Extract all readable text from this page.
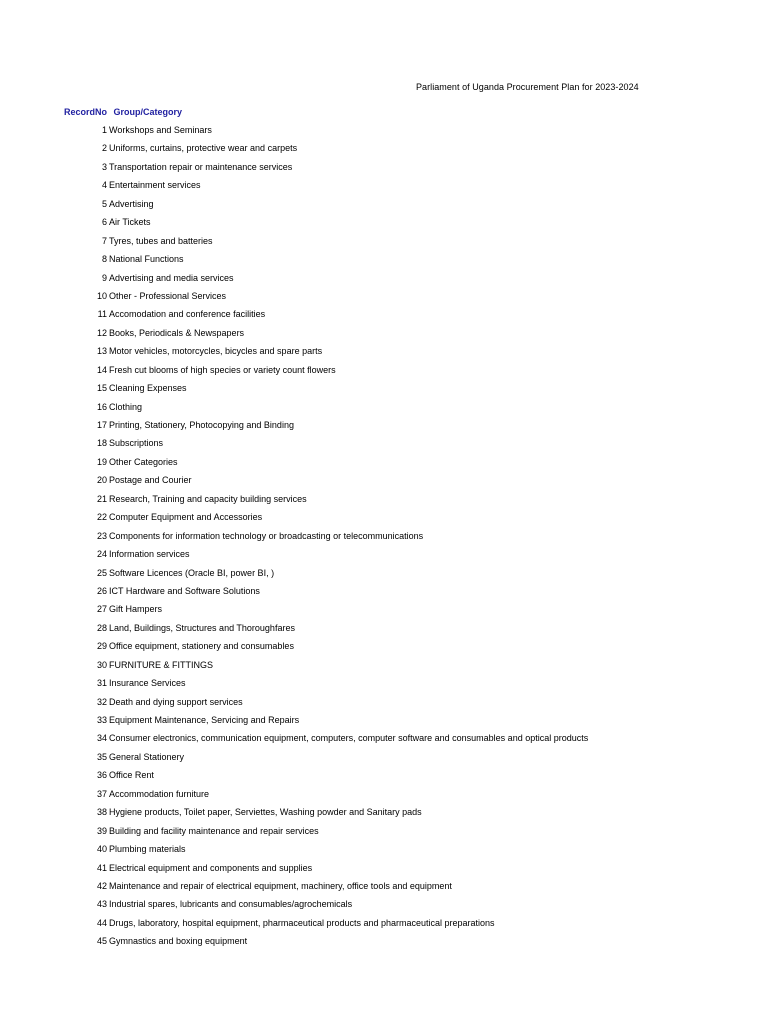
Parliament of Uganda Procurement Plan for 2023-2024
RecordNo Group/Category
1 Workshops and Seminars
2 Uniforms, curtains, protective wear and carpets
3 Transportation repair or maintenance services
4 Entertainment services
5 Advertising
6 Air Tickets
7 Tyres, tubes and batteries
8 National Functions
9 Advertising and media services
10 Other - Professional Services
11 Accomodation and conference facilities
12 Books, Periodicals & Newspapers
13 Motor vehicles, motorcycles, bicycles and spare parts
14 Fresh cut blooms of high species or variety count flowers
15 Cleaning Expenses
16 Clothing
17 Printing, Stationery, Photocopying and Binding
18 Subscriptions
19 Other Categories
20 Postage and Courier
21 Research, Training and capacity building services
22 Computer Equipment and Accessories
23 Components for information technology or broadcasting or telecommunications
24 Information services
25 Software Licences (Oracle BI, power BI, )
26 ICT Hardware and Software Solutions
27 Gift Hampers
28 Land, Buildings, Structures and Thoroughfares
29 Office equipment, stationery and consumables
30 FURNITURE & FITTINGS
31 Insurance Services
32 Death and dying support services
33 Equipment Maintenance, Servicing and Repairs
34 Consumer electronics, communication equipment, computers, computer software and consumables and optical products
35 General Stationery
36 Office Rent
37 Accommodation furniture
38 Hygiene products, Toilet paper, Serviettes, Washing powder and Sanitary pads
39 Building and facility maintenance and repair services
40 Plumbing materials
41 Electrical equipment and components and supplies
42 Maintenance and repair of electrical equipment, machinery, office tools and equipment
43 Industrial spares, lubricants and consumables/agrochemicals
44 Drugs, laboratory, hospital equipment, pharmaceutical products and pharmaceutical preparations
45 Gymnastics and boxing equipment
